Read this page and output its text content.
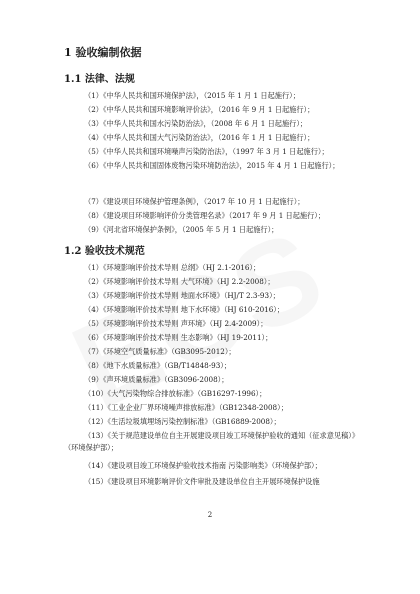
1 验收编制依据
1.1 法律、法规
（1）《中华人民共和国环境保护法》，（2015 年 1 月 1 日起施行）；
（2）《中华人民共和国环境影响评价法》，（2016 年 9 月 1 日起施行）；
（3）《中华人民共和国水污染防治法》，（2008 年 6 月 1 日起施行）；
（4）《中华人民共和国大气污染防治法》，（2016 年 1 月 1 日起施行）；
（5）《中华人民共和国环境噪声污染防治法》，（1997 年 3 月 1 日起施行）；
（6）《中华人民共和国固体废物污染环境防治法》，2015 年 4 月 1 日起施行）；
（7）《建设项目环境保护管理条例》，（2017 年 10 月 1 日起施行）；
（8）《建设项目环境影响评价分类管理名录》（2017 年 9 月 1 日起施行）；
（9）《河北省环境保护条例》，（2005 年 5 月 1 日起施行）；
1.2 验收技术规范
（1）《环境影响评价技术导则 总纲》（HJ 2.1-2016）；
（2）《环境影响评价技术导则 大气环境》（HJ 2.2-2008）；
（3）《环境影响评价技术导则 地面水环境》（HJ/T 2.3-93）；
（4）《环境影响评价技术导则 地下水环境》（HJ 610-2016）；
（5）《环境影响评价技术导则 声环境》（HJ 2.4-2009）；
（6）《环境影响评价技术导则 生态影响》（HJ 19-2011）；
（7）《环境空气质量标准》（GB3095-2012）；
（8）《地下水质量标准》（GB/T14848-93）；
（9）《声环境质量标准》（GB3096-2008）；
（10）《大气污染物综合排放标准》（GB16297-1996）；
（11）《工业企业厂界环境噪声排放标准》（GB12348-2008）；
（12）《生活垃圾填埋场污染控制标准》（GB16889-2008）；
（13）《关于规范建设单位自主开展建设项目竣工环境保护验收的通知（征求意见稿）》（环境保护部）；
（14）《建设项目竣工环境保护验收技术指南 污染影响类》（环境保护部）；
（15）《建设项目环境影响评价文件审批及建设单位自主开展环境保护设施
2
